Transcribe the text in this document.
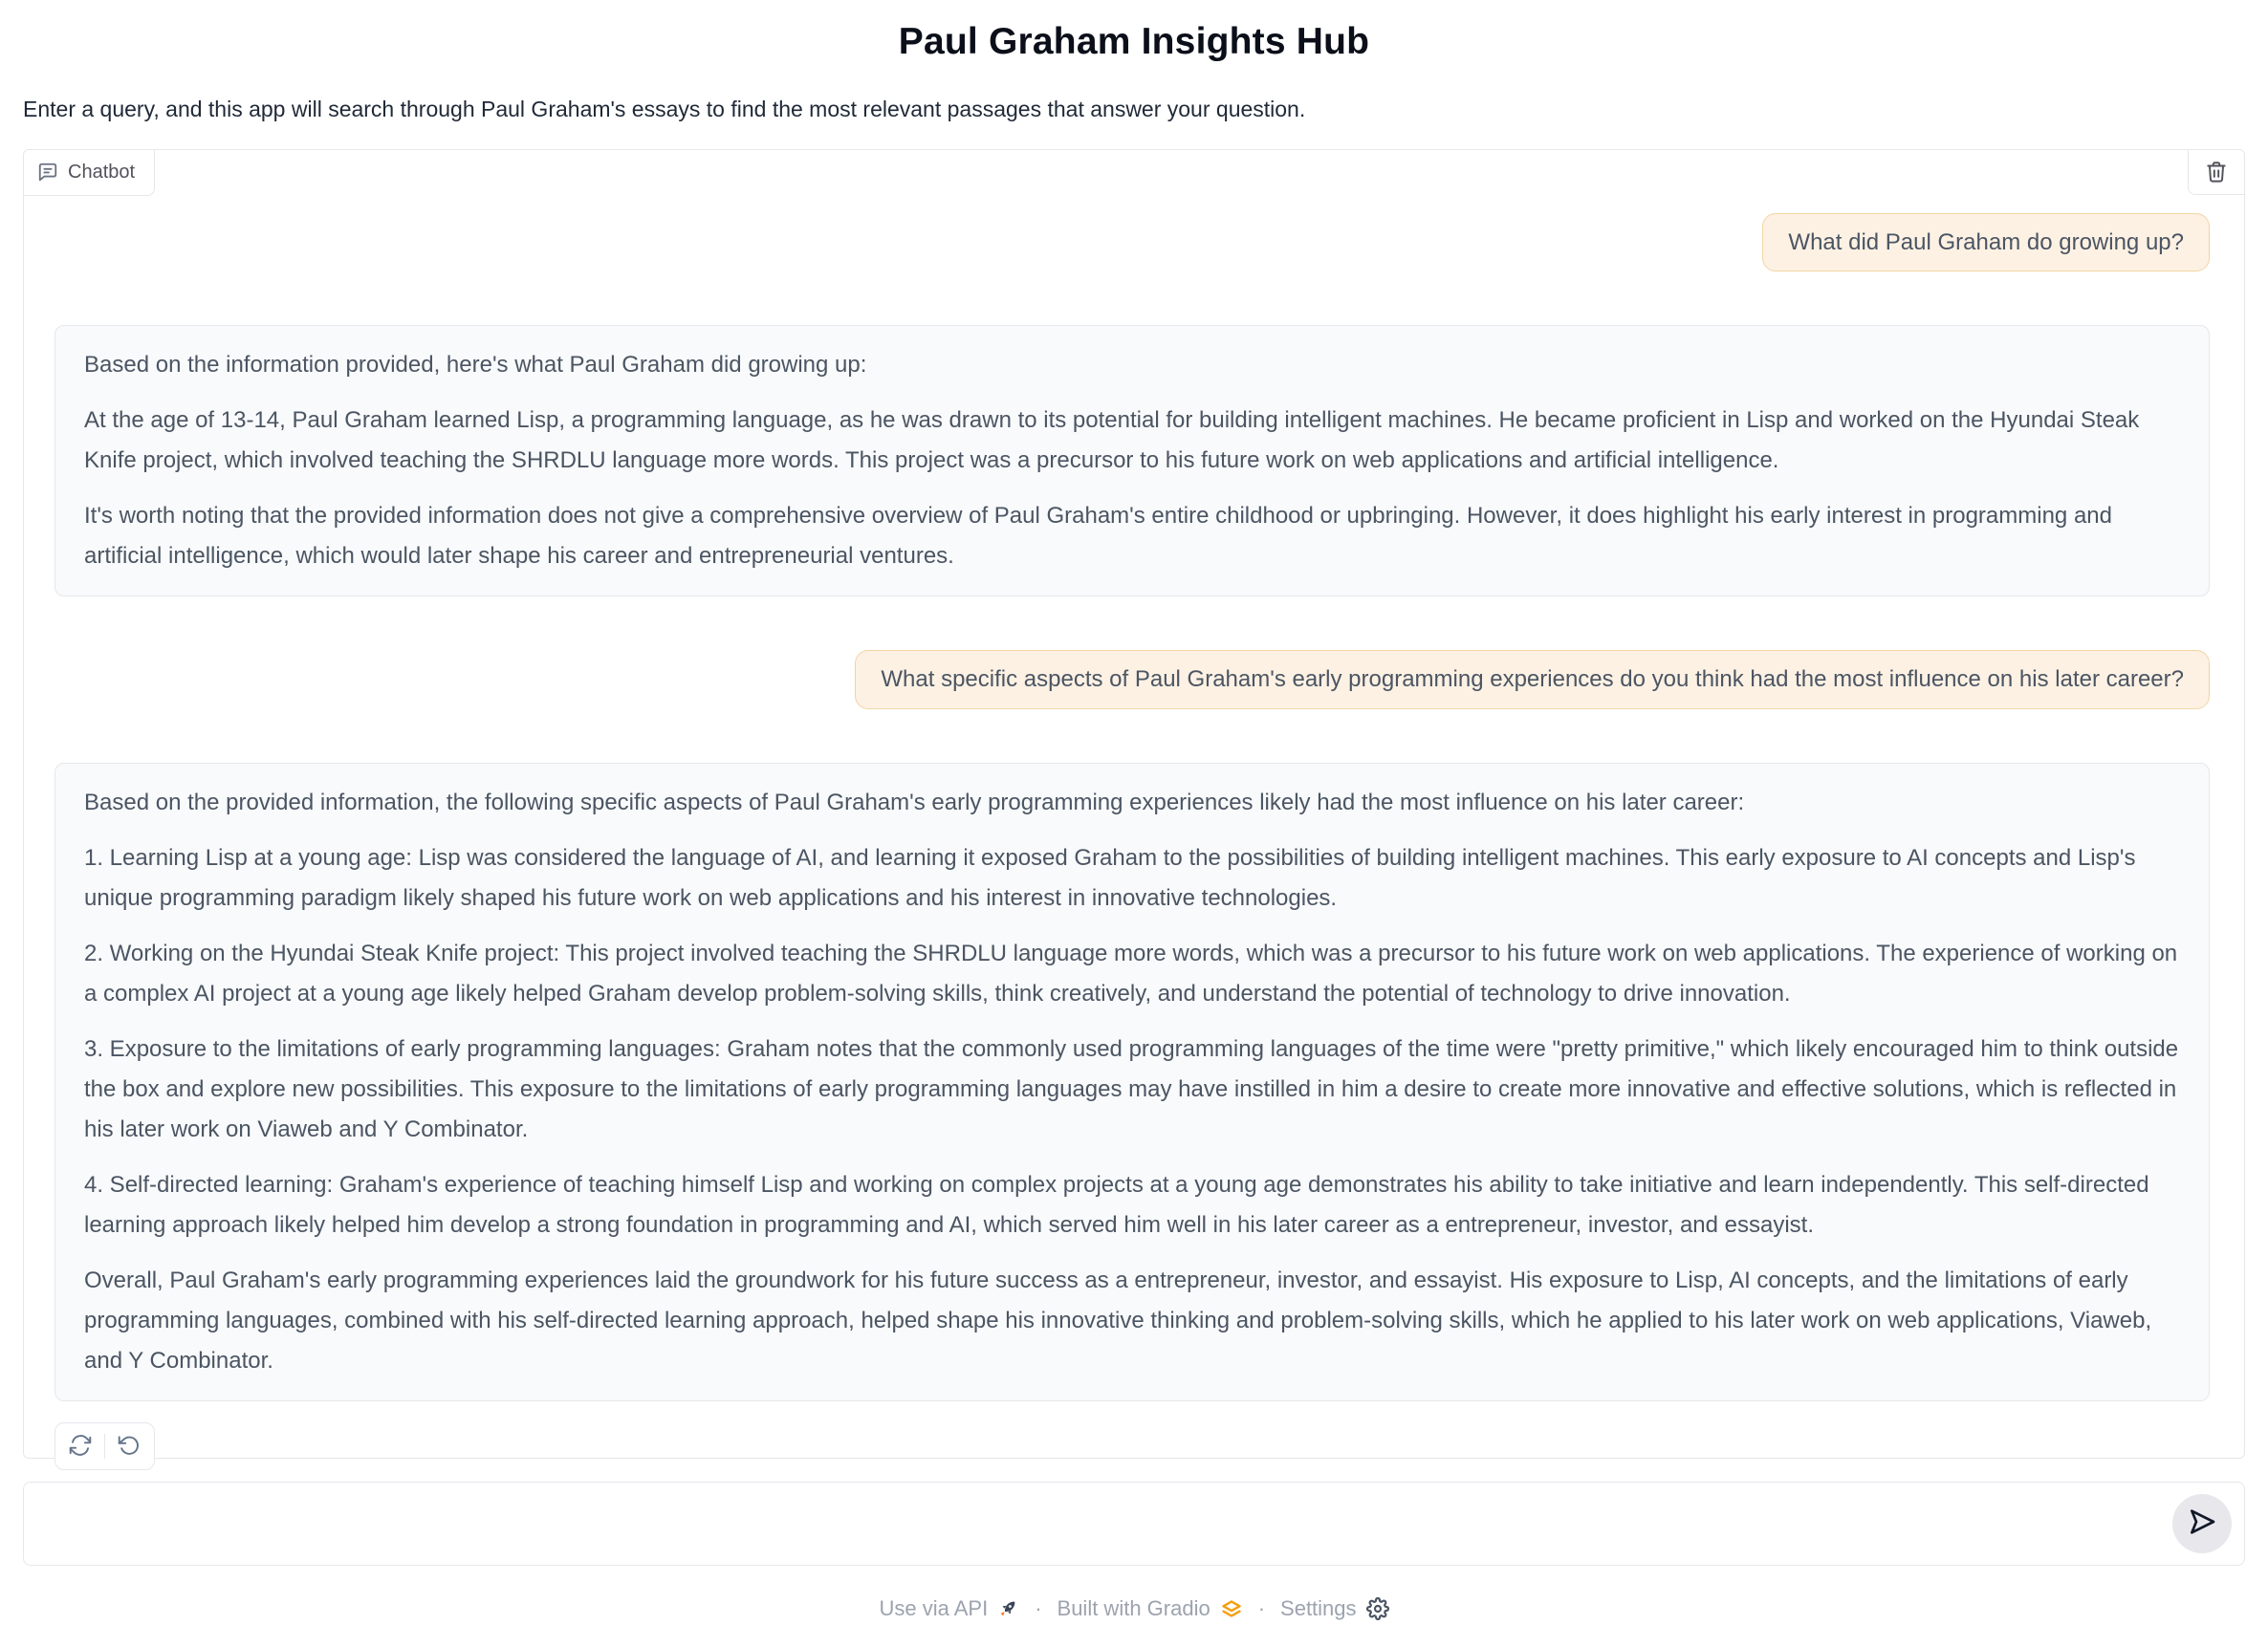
Paul Graham Insights Hub

Enter a query, and this app will search through Paul Graham's essays to find the most relevant passages that answer your question.

Chatbot

What did Paul Graham do growing up?

Based on the information provided, here's what Paul Graham did growing up:

At the age of 13-14, Paul Graham learned Lisp, a programming language, as he was drawn to its potential for building intelligent machines. He became proficient in Lisp and worked on the Hyundai Steak Knife project, which involved teaching the SHRDLU language more words. This project was a precursor to his future work on web applications and artificial intelligence.

It's worth noting that the provided information does not give a comprehensive overview of Paul Graham's entire childhood or upbringing. However, it does highlight his early interest in programming and artificial intelligence, which would later shape his career and entrepreneurial ventures.

What specific aspects of Paul Graham's early programming experiences do you think had the most influence on his later career?

Based on the provided information, the following specific aspects of Paul Graham's early programming experiences likely had the most influence on his later career:

1. Learning Lisp at a young age: Lisp was considered the language of AI, and learning it exposed Graham to the possibilities of building intelligent machines. This early exposure to AI concepts and Lisp's unique programming paradigm likely shaped his future work on web applications and his interest in innovative technologies.

2. Working on the Hyundai Steak Knife project: This project involved teaching the SHRDLU language more words, which was a precursor to his future work on web applications. The experience of working on a complex AI project at a young age likely helped Graham develop problem-solving skills, think creatively, and understand the potential of technology to drive innovation.

3. Exposure to the limitations of early programming languages: Graham notes that the commonly used programming languages of the time were "pretty primitive," which likely encouraged him to think outside the box and explore new possibilities. This exposure to the limitations of early programming languages may have instilled in him a desire to create more innovative and effective solutions, which is reflected in his later work on Viaweb and Y Combinator.

4. Self-directed learning: Graham's experience of teaching himself Lisp and working on complex projects at a young age demonstrates his ability to take initiative and learn independently. This self-directed learning approach likely helped him develop a strong foundation in programming and AI, which served him well in his later career as a entrepreneur, investor, and essayist.

Overall, Paul Graham's early programming experiences laid the groundwork for his future success as a entrepreneur, investor, and essayist. His exposure to Lisp, AI concepts, and the limitations of early programming languages, combined with his self-directed learning approach, helped shape his innovative thinking and problem-solving skills, which he applied to his later work on web applications, Viaweb, and Y Combinator.

Use via API · Built with Gradio · Settings
